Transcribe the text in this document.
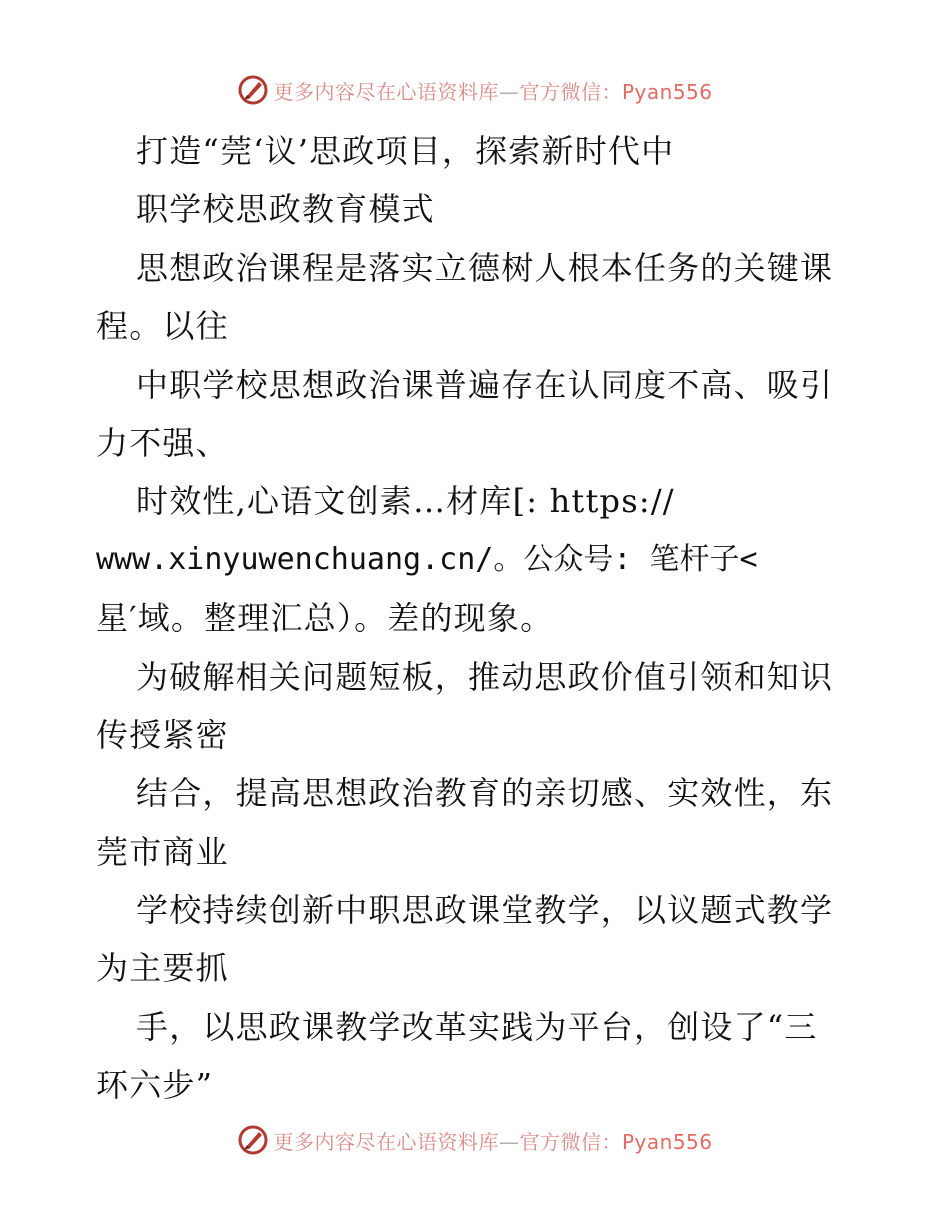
更多内容尽在心语资料库—官方微信：Pyan556
打造“莞‘议’思政项目，探索新时代中
职学校思政教育模式
思想政治课程是落实立德树人根本任务的关键课
程。以往
中职学校思想政治课普遍存在认同度不高、吸引
力不强、
时效性,心语文创素…材库[: https://
www.xinyuwenchuang.cn/。公众号: 笔杆子<
星′域。整理汇总）。差的现象。
为破解相关问题短板，推动思政价值引领和知识
传授紧密
结合，提高思想政治教育的亲切感、实效性，东
莞市商业
学校持续创新中职思政课堂教学，以议题式教学
为主要抓
手，以思政课教学改革实践为平台，创设了“三
环六步”
更多内容尽在心语资料库—官方微信：Pyan556
